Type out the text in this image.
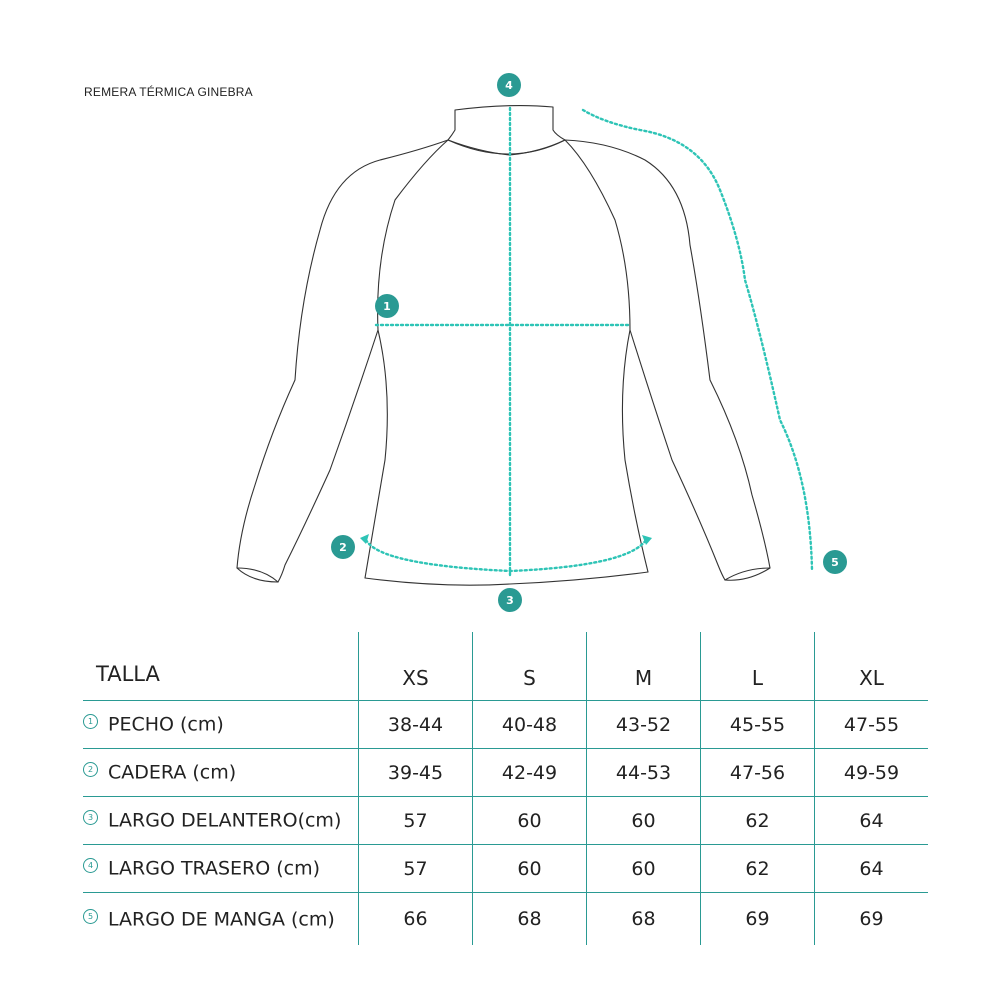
REMERA TÉRMICA GINEBRA
1
2
3
4
5
TALLA	XS	S	M	L	XL
1 PECHO (cm)	38-44	40-48	43-52	45-55	47-55
2 CADERA (cm)	39-45	42-49	44-53	47-56	49-59
3 LARGO DELANTERO(cm)	57	60	60	62	64
4 LARGO TRASERO (cm)	57	60	60	62	64
5 LARGO DE MANGA (cm)	66	68	68	69	69
